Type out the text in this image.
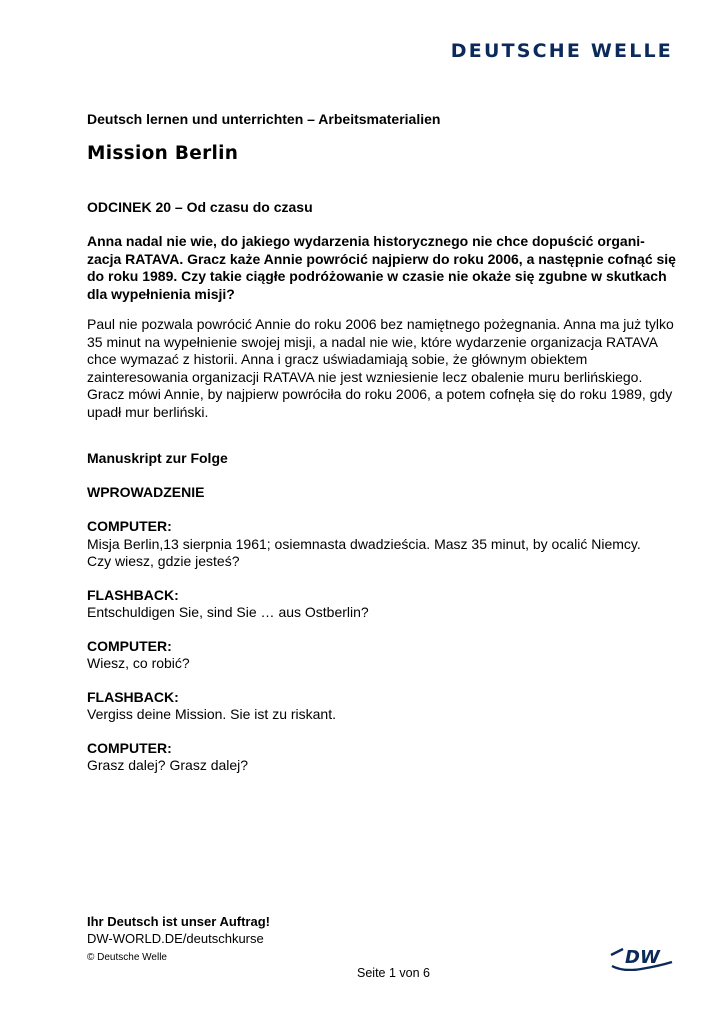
DEUTSCHE WELLE
Deutsch lernen und unterrichten – Arbeitsmaterialien
Mission Berlin
ODCINEK 20 – Od czasu do czasu

Anna nadal nie wie, do jakiego wydarzenia historycznego nie chce dopuścić organi-zacja RATAVA. Gracz każe Annie powrócić najpierw do roku 2006, a następnie cofnąć się do roku 1989. Czy takie ciągłe podróżowanie w czasie nie okaże się zgubne w skutkach dla wypełnienia misji?

Paul nie pozwala powrócić Annie do roku 2006 bez namiętnego pożegnania. Anna ma już tylko 35 minut na wypełnienie swojej misji, a nadal nie wie, które wydarzenie organizacja RATAVA chce wymazać z historii. Anna i gracz uświadamiają sobie, że głównym obiektem zainteresowania organizacji RATAVA nie jest wzniesienie lecz obalenie muru berlińskiego. Gracz mówi Annie, by najpierw powróciła do roku 2006, a potem cofnęła się do roku 1989, gdy upadł mur berliński.

Manuskript zur Folge
WPROWADZENIE
COMPUTER:
Misja Berlin,13 sierpnia 1961; osiemnasta dwadzieścia. Masz 35 minut, by ocalić Niemcy.
Czy wiesz, gdzie jesteś?
FLASHBACK:
Entschuldigen Sie, sind Sie … aus Ostberlin?
COMPUTER:
Wiesz, co robić?
FLASHBACK:
Vergiss deine Mission. Sie ist zu riskant.
COMPUTER:
Grasz dalej? Grasz dalej?
Ihr Deutsch ist unser Auftrag!
DW-WORLD.DE/deutschkurse
© Deutsche Welle
Seite 1 von 6
DW
